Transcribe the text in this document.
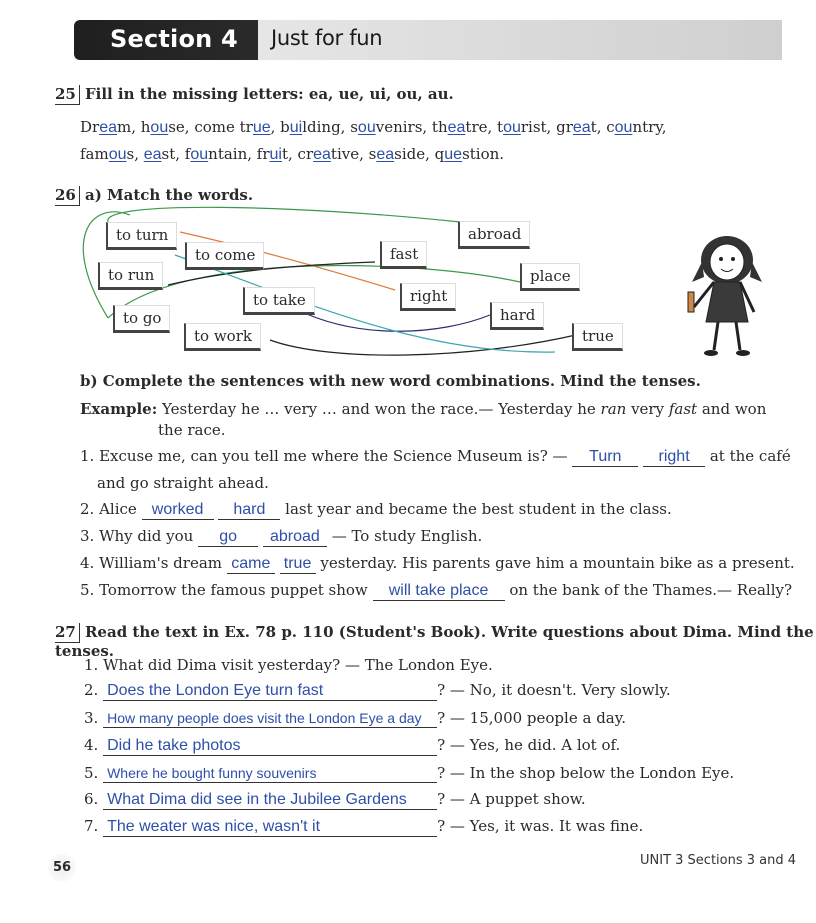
Section 4 Just for fun
25 Fill in the missing letters: ea, ue, ui, ou, au.
Dream, house, come true, building, souvenirs, theatre, tourist, great, country,
famous, east, fountain, fruit, creative, seaside, question.
26 a) Match the words.
to turn
to come
to run
to go
to take
to work
abroad
fast
right
place
hard
true
b) Complete the sentences with new word combinations. Mind the tenses.
Example: Yesterday he … very … and won the race.— Yesterday he ran very fast and won
the race.
1. Excuse me, can you tell me where the Science Museum is? — Turn right at the café
and go straight ahead.
2. Alice worked hard last year and became the best student in the class.
3. Why did you go abroad — To study English.
4. William's dream came true yesterday. His parents gave him a mountain bike as a present.
5. Tomorrow the famous puppet show will take place on the bank of the Thames.— Really?
27 Read the text in Ex. 78 p. 110 (Student's Book). Write questions about Dima. Mind the tenses.
1. What did Dima visit yesterday? — The London Eye.
2. Does the London Eye turn fast	? — No, it doesn't. Very slowly.
3. How many people does visit the London Eye a day ? — 15,000 people a day.
4. Did he take photos	? — Yes, he did. A lot of.
5. Where he bought funny souvenirs	? — In the shop below the London Eye.
6. What Dima did see in the Jubilee Gardens ? — A puppet show.
7. The weater was nice, wasn't it	? — Yes, it was. It was fine.
56	UNIT 3 Sections 3 and 4
